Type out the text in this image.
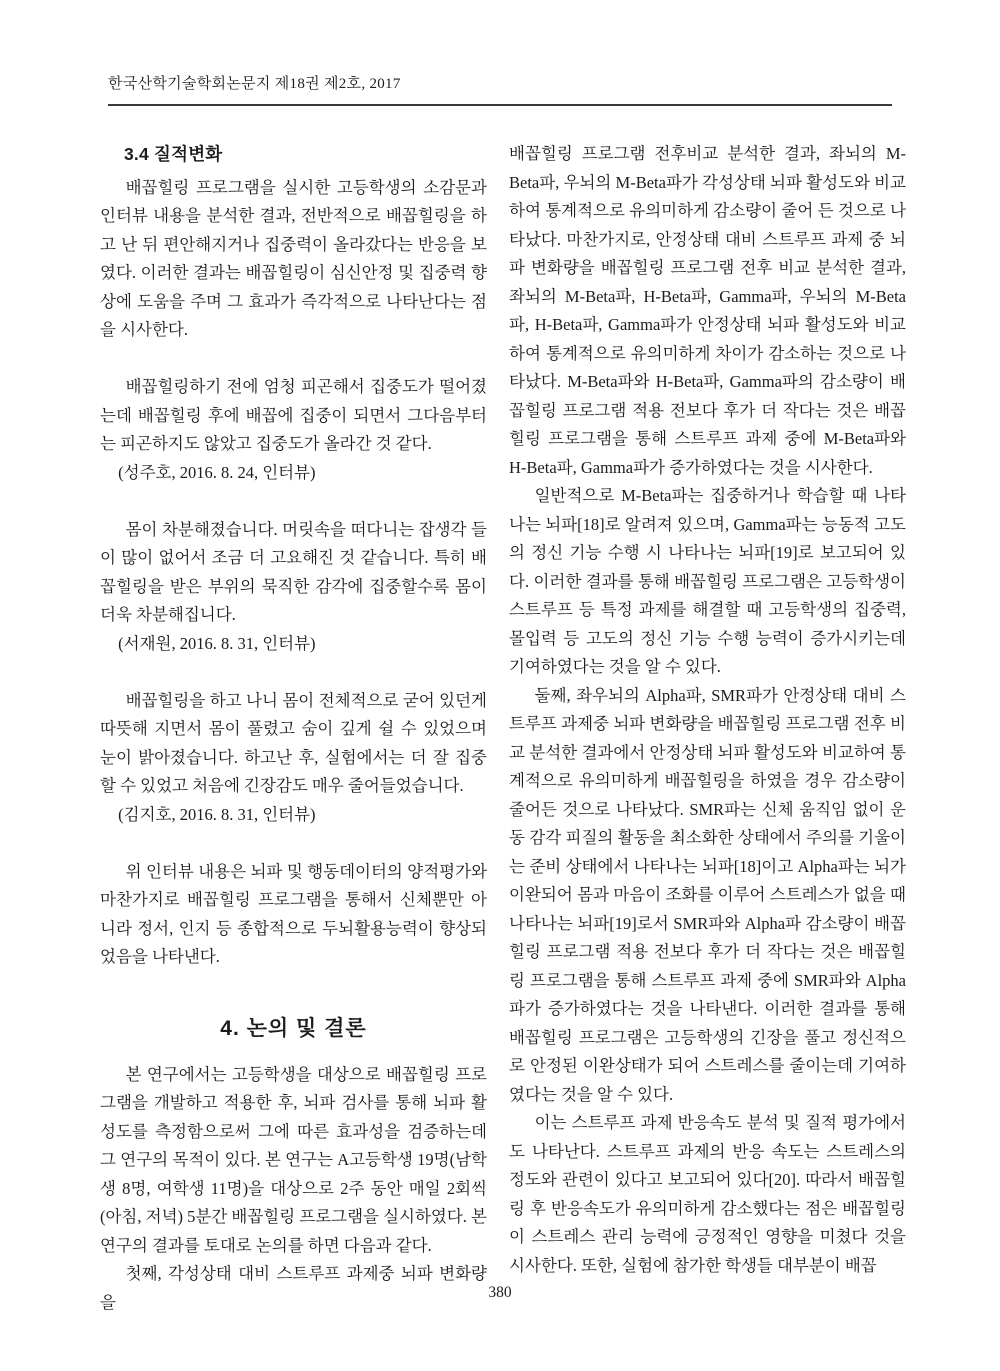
한국산학기술학회논문지 제18권 제2호, 2017
3.4 질적변화

배꼽힐링 프로그램을 실시한 고등학생의 소감문과 인터뷰 내용을 분석한 결과, 전반적으로 배꼽힐링을 하고 난 뒤 편안해지거나 집중력이 올라갔다는 반응을 보였다. 이러한 결과는 배꼽힐링이 심신안정 및 집중력 향상에 도움을 주며 그 효과가 즉각적으로 나타난다는 점을 시사한다.

배꼽힐링하기 전에 엄청 피곤해서 집중도가 떨어졌는데 배꼽힐링 후에 배꼽에 집중이 되면서 그다음부터는 피곤하지도 않았고 집중도가 올라간 것 같다.

(성주호, 2016. 8. 24, 인터뷰)

몸이 차분해졌습니다. 머릿속을 떠다니는 잡생각 들이 많이 없어서 조금 더 고요해진 것 같습니다. 특히 배꼽힐링을 받은 부위의 묵직한 감각에 집중할수록 몸이 더욱 차분해집니다.

(서재원, 2016. 8. 31, 인터뷰)

배꼽힐링을 하고 나니 몸이 전체적으로 굳어 있던게 따뜻해 지면서 몸이 풀렸고 숨이 깊게 쉴 수 있었으며 눈이 밝아졌습니다. 하고난 후, 실험에서는 더 잘 집중할 수 있었고 처음에 긴장감도 매우 줄어들었습니다.

(김지호, 2016. 8. 31, 인터뷰)

위 인터뷰 내용은 뇌파 및 행동데이터의 양적평가와 마찬가지로 배꼽힐링 프로그램을 통해서 신체뿐만 아니라 정서, 인지 등 종합적으로 두뇌활용능력이 향상되었음을 나타낸다.

4. 논의 및 결론

본 연구에서는 고등학생을 대상으로 배꼽힐링 프로그램을 개발하고 적용한 후, 뇌파 검사를 통해 뇌파 활성도를 측정함으로써 그에 따른 효과성을 검증하는데 그 연구의 목적이 있다. 본 연구는 A고등학생 19명(남학생 8명, 여학생 11명)을 대상으로 2주 동안 매일 2회씩(아침, 저녁) 5분간 배꼽힐링 프로그램을 실시하였다. 본 연구의 결과를 토대로 논의를 하면 다음과 같다.

첫째, 각성상태 대비 스트루프 과제중 뇌파 변화량을

배꼽힐링 프로그램 전후비교 분석한 결과, 좌뇌의 M-Beta파, 우뇌의 M-Beta파가 각성상태 뇌파 활성도와 비교하여 통계적으로 유의미하게 감소량이 줄어 든 것으로 나타났다. 마찬가지로, 안정상태 대비 스트루프 과제 중 뇌파 변화량을 배꼽힐링 프로그램 전후 비교 분석한 결과, 좌뇌의 M-Beta파, H-Beta파, Gamma파, 우뇌의 M-Beta파, H-Beta파, Gamma파가 안정상태 뇌파 활성도와 비교하여 통계적으로 유의미하게 차이가 감소하는 것으로 나타났다. M-Beta파와 H-Beta파, Gamma파의 감소량이 배꼽힐링 프로그램 적용 전보다 후가 더 작다는 것은 배꼽힐링 프로그램을 통해 스트루프 과제 중에 M-Beta파와 H-Beta파, Gamma파가 증가하였다는 것을 시사한다.

일반적으로 M-Beta파는 집중하거나 학습할 때 나타나는 뇌파[18]로 알려져 있으며, Gamma파는 능동적 고도의 정신 기능 수행 시 나타나는 뇌파[19]로 보고되어 있다. 이러한 결과를 통해 배꼽힐링 프로그램은 고등학생이 스트루프 등 특정 과제를 해결할 때 고등학생의 집중력, 몰입력 등 고도의 정신 기능 수행 능력이 증가시키는데 기여하였다는 것을 알 수 있다.

둘째, 좌우뇌의 Alpha파, SMR파가 안정상태 대비 스트루프 과제중 뇌파 변화량을 배꼽힐링 프로그램 전후 비교 분석한 결과에서 안정상태 뇌파 활성도와 비교하여 통계적으로 유의미하게 배꼽힐링을 하였을 경우 감소량이 줄어든 것으로 나타났다. SMR파는 신체 움직임 없이 운동 감각 피질의 활동을 최소화한 상태에서 주의를 기울이는 준비 상태에서 나타나는 뇌파[18]이고 Alpha파는 뇌가 이완되어 몸과 마음이 조화를 이루어 스트레스가 없을 때 나타나는 뇌파[19]로서 SMR파와 Alpha파 감소량이 배꼽힐링 프로그램 적용 전보다 후가 더 작다는 것은 배꼽힐링 프로그램을 통해 스트루프 과제 중에 SMR파와 Alpha파가 증가하였다는 것을 나타낸다. 이러한 결과를 통해 배꼽힐링 프로그램은 고등학생의 긴장을 풀고 정신적으로 안정된 이완상태가 되어 스트레스를 줄이는데 기여하였다는 것을 알 수 있다.

이는 스트루프 과제 반응속도 분석 및 질적 평가에서도 나타난다. 스트루프 과제의 반응 속도는 스트레스의 정도와 관련이 있다고 보고되어 있다[20]. 따라서 배꼽힐링 후 반응속도가 유의미하게 감소했다는 점은 배꼽힐링이 스트레스 관리 능력에 긍정적인 영향을 미쳤다 것을 시사한다. 또한, 실험에 참가한 학생들 대부분이 배꼽

380
